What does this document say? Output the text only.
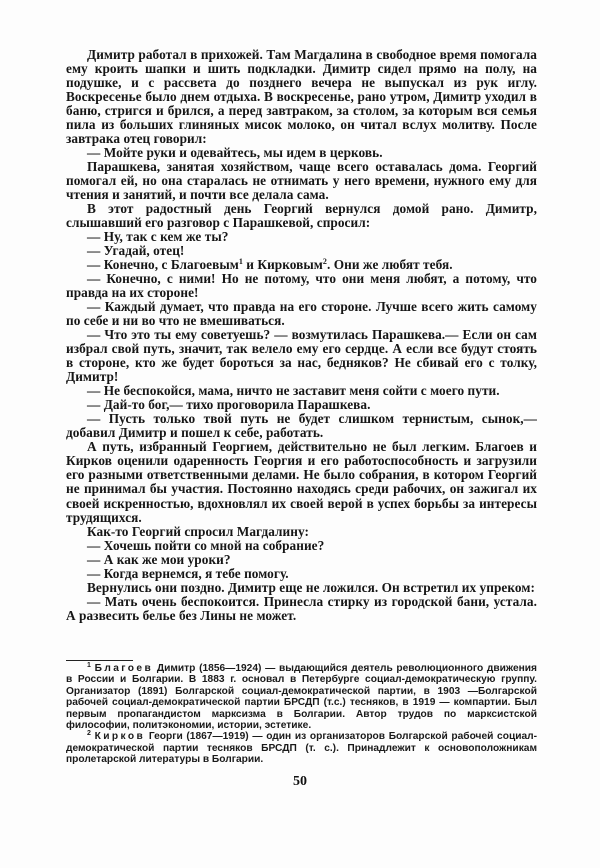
Димитр работал в прихожей. Там Магдалина в свободное время помогала ему кроить шапки и шить подкладки. Димитр сидел прямо на полу, на подушке, и с рассвета до позднего вечера не выпускал из рук иглу. Воскресенье было днем отдыха. В воскресенье, рано утром, Димитр уходил в баню, стригся и брился, а перед завтраком, за столом, за которым вся семья пила из больших глиняных мисок молоко, он читал вслух молитву. После завтрака отец говорил:

— Мойте руки и одевайтесь, мы идем в церковь.

Парашкева, занятая хозяйством, чаще всего оставалась дома. Георгий помогал ей, но она старалась не отнимать у него времени, нужного ему для чтения и занятий, и почти все делала сама.

В этот радостный день Георгий вернулся домой рано. Димитр, слышавший его разговор с Парашкевой, спросил:

— Ну, так с кем же ты?

— Угадай, отец!

— Конечно, с Благоевым$^1$ и Кирковым$^2$. Они же любят тебя.

— Конечно, с ними! Но не потому, что они меня любят, а потому, что правда на их стороне!

— Каждый думает, что правда на его стороне. Лучше всего жить самому по себе и ни во что не вмешиваться.

— Что это ты ему советуешь? — возмутилась Парашкева.— Если он сам избрал свой путь, значит, так велело ему его сердце. А если все будут стоять в стороне, кто же будет бороться за нас, бедняков? Не сбивай его с толку, Димитр!

— Не беспокойся, мама, ничто не заставит меня сойти с моего пути.

— Дай-то бог,— тихо проговорила Парашкева.

— Пусть только твой путь не будет слишком тернистым, сынок,— добавил Димитр и пошел к себе, работать.

А путь, избранный Георгием, действительно не был легким. Благоев и Кирков оценили одаренность Георгия и его работоспособность и загрузили его разными ответственными делами. Не было собрания, в котором Георгий не принимал бы участия. Постоянно находясь среди рабочих, он зажигал их своей искренностью, вдохновлял их своей верой в успех борьбы за интересы трудящихся.

Как-то Георгий спросил Магдалину:

— Хочешь пойти со мной на собрание?

— А как же мои уроки?

— Когда вернемся, я тебе помогу.

Вернулись они поздно. Димитр еще не ложился. Он встретил их упреком:

— Мать очень беспокоится. Принесла стирку из городской бани, устала. А развесить белье без Лины не может.

$^1$ Благоев Димитр (1856—1924) — выдающийся деятель революционного движения в России и Болгарии. В 1883 г. основал в Петербурге социал-демократическую группу. Организатор (1891) Болгарской социал-демократической партии, в 1903 —Болгарской рабочей социал-демократической партии БРСДП (т.с.) тесняков, в 1919 — компартии. Был первым пропагандистом марксизма в Болгарии. Автор трудов по марксистской философии, политэкономии, истории, эстетике.

$^2$ Кирков Георги (1867—1919) — один из организаторов Болгарской рабочей социал-демократической партии тесняков БРСДП (т. с.). Принадлежит к основоположникам пролетарской литературы в Болгарии.

50
